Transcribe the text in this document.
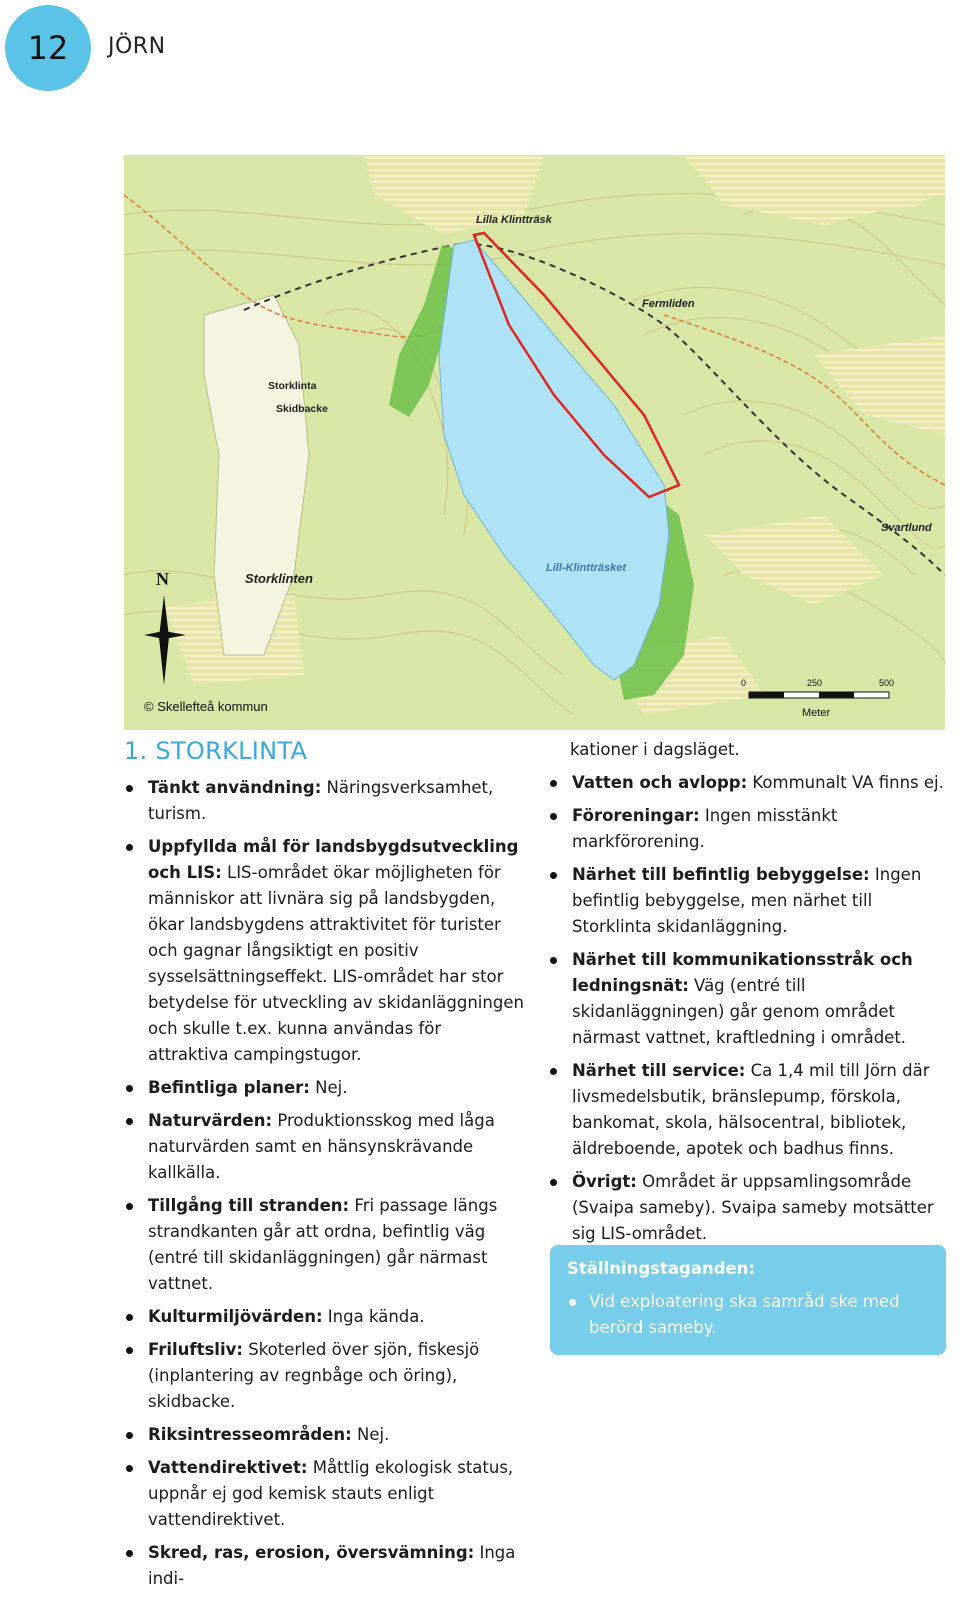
12 JÖRN
Lilla Klintträsk
Fermliden
Svartlund
Storklinten
Lill-Klintträsket
Storklinta
Skidbacke
N
© Skellefteå kommun
0	250	500
Meter
1. STORKLINTA
Tänkt användning: Näringsverksamhet, turism.
Uppfyllda mål för landsbygdsutveckling och LIS: LIS-området ökar möjligheten för människor att livnära sig på landsbygden, ökar landsbygdens attraktivitet för turister och gagnar långsiktigt en positiv sysselsättningseffekt. LIS-området har stor betydelse för utveckling av skidanläggningen och skulle t.ex. kunna användas för attraktiva campingstugor.
Befintliga planer: Nej.
Naturvärden: Produktionsskog med låga naturvärden samt en hänsynskrävande kallkälla.
Tillgång till stranden: Fri passage längs strandkanten går att ordna, befintlig väg (entré till skidanläggningen) går närmast vattnet.
Kulturmiljövärden: Inga kända.
Friluftsliv: Skoterled över sjön, fiskesjö (inplantering av regnbåge och öring), skidbacke.
Riksintresseområden: Nej.
Vattendirektivet: Måttlig ekologisk status, uppnår ej god kemisk stauts enligt vattendirektivet.
Skred, ras, erosion, översvämning: Inga indi-
kationer i dagsläget.
Vatten och avlopp: Kommunalt VA finns ej.
Föroreningar: Ingen misstänkt markförorening.
Närhet till befintlig bebyggelse: Ingen befintlig bebyggelse, men närhet till Storklinta skidanläggning.
Närhet till kommunikationsstråk och ledningsnät: Väg (entré till skidanläggningen) går genom området närmast vattnet, kraftledning i området.
Närhet till service: Ca 1,4 mil till Jörn där livsmedelsbutik, bränslepump, förskola, bankomat, skola, hälsocentral, bibliotek, äldreboende, apotek och badhus finns.
Övrigt: Området är uppsamlingsområde (Svaipa sameby). Svaipa sameby motsätter sig LIS-området.
Ställningstaganden:
Vid exploatering ska samråd ske med berörd sameby.
